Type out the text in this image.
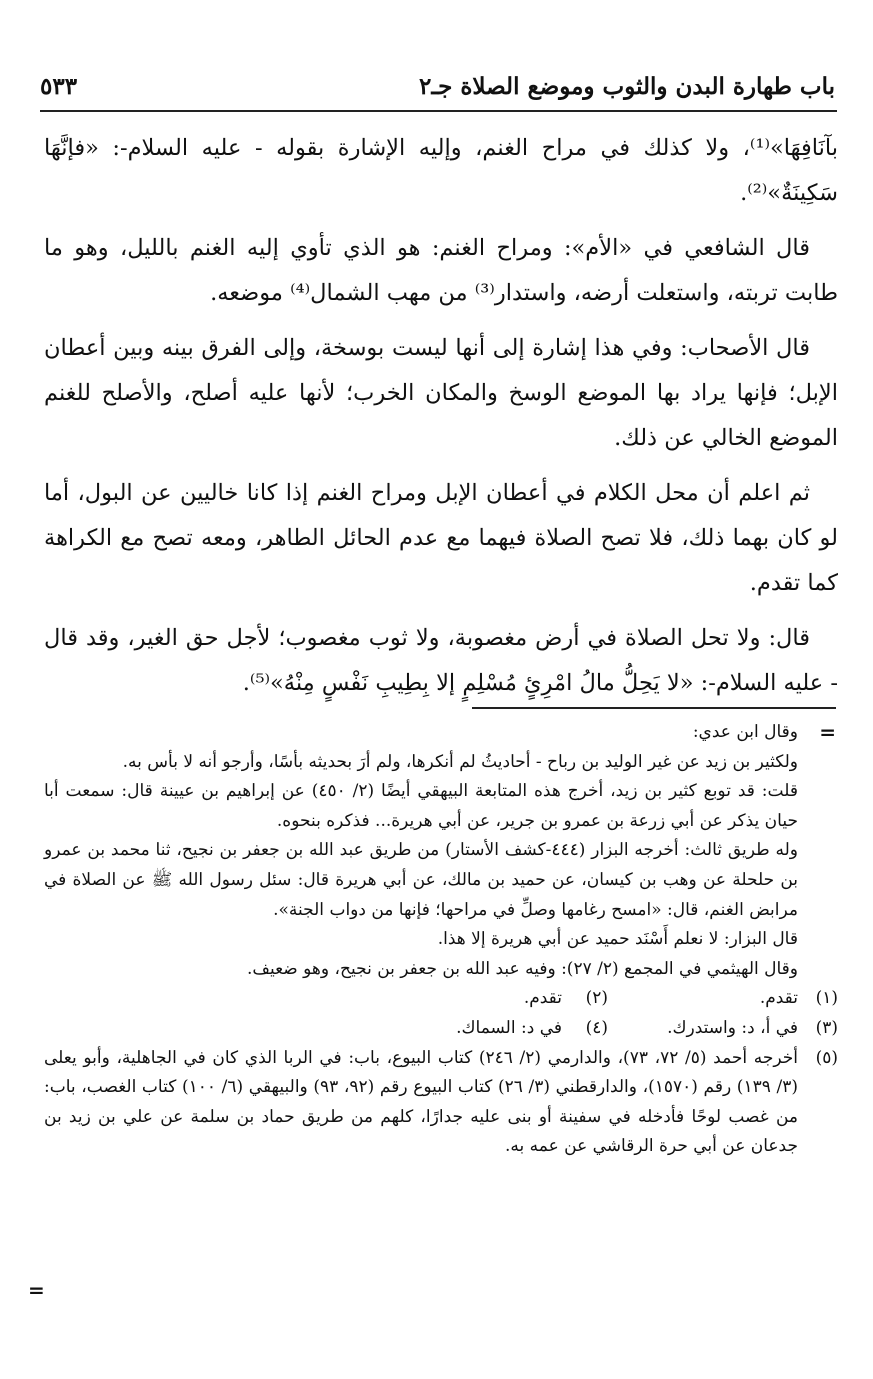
باب طهارة البدن والثوب وموضع الصلاة جـ٢
٥٣٣

بآنَافِهَا»⁽¹⁾، ولا كذلك في مراح الغنم، وإليه الإشارة بقوله - عليه السلام-: «فإنَّهَا سَكِينَةٌ»⁽²⁾.

قال الشافعي في «الأم»: ومراح الغنم: هو الذي تأوي إليه الغنم بالليل، وهو ما طابت تربته، واستعلت أرضه، واستدار⁽³⁾ من مهب الشمال⁽⁴⁾ موضعه.

قال الأصحاب: وفي هذا إشارة إلى أنها ليست بوسخة، وإلى الفرق بينه وبين أعطان الإبل؛ فإنها يراد بها الموضع الوسخ والمكان الخرب؛ لأنها عليه أصلح، والأصلح للغنم الموضع الخالي عن ذلك.

ثم اعلم أن محل الكلام في أعطان الإبل ومراح الغنم إذا كانا خاليين عن البول، أما لو كان بهما ذلك، فلا تصح الصلاة فيهما مع عدم الحائل الطاهر، ومعه تصح مع الكراهة كما تقدم.

قال: ولا تحل الصلاة في أرض مغصوبة، ولا ثوب مغصوب؛ لأجل حق الغير، وقد قال - عليه السلام-: «لا يَحِلُّ مالُ امْرِئٍ مُسْلِمٍ إلا بِطِيبِ نَفْسٍ مِنْهُ»⁽⁵⁾.

=
وقال ابن عدي:
ولكثير بن زيد عن غير الوليد بن رباح - أحاديثُ لم أنكرها، ولم أرَ بحديثه بأسًا، وأرجو أنه لا بأس به.
قلت: قد توبع كثير بن زيد، أخرج هذه المتابعة البيهقي أيضًا (٢/ ٤٥٠) عن إبراهيم بن عيينة قال: سمعت أبا حيان يذكر عن أبي زرعة بن عمرو بن جرير، عن أبي هريرة... فذكره بنحوه.
وله طريق ثالث: أخرجه البزار (٤٤٤-كشف الأستار) من طريق عبد الله بن جعفر بن نجيح، ثنا محمد بن عمرو بن حلحلة عن وهب بن كيسان، عن حميد بن مالك، عن أبي هريرة قال: سئل رسول الله ﷺ عن الصلاة في مرابض الغنم، قال: «امسح رغامها وصلِّ في مراحها؛ فإنها من دواب الجنة».
قال البزار: لا نعلم أَسْنَد حميد عن أبي هريرة إلا هذا.
وقال الهيثمي في المجمع (٢/ ٢٧): وفيه عبد الله بن جعفر بن نجيح، وهو ضعيف.
(١)
تقدم.
(٢)
تقدم.
(٣)
في أ، د: واستدرك.
(٤)
في د: السماك.
(٥)
أخرجه أحمد (٥/ ٧٢، ٧٣)، والدارمي (٢/ ٢٤٦) كتاب البيوع، باب: في الربا الذي كان في الجاهلية، وأبو يعلى (٣/ ١٣٩) رقم (١٥٧٠)، والدارقطني (٣/ ٢٦) كتاب البيوع رقم (٩٢، ٩٣) والبيهقي (٦/ ١٠٠) كتاب الغصب، باب: من غصب لوحًا فأدخله في سفينة أو بنى عليه جدارًا، كلهم من طريق حماد بن سلمة عن علي بن زيد بن جدعان عن أبي حرة الرقاشي عن عمه به.
=
